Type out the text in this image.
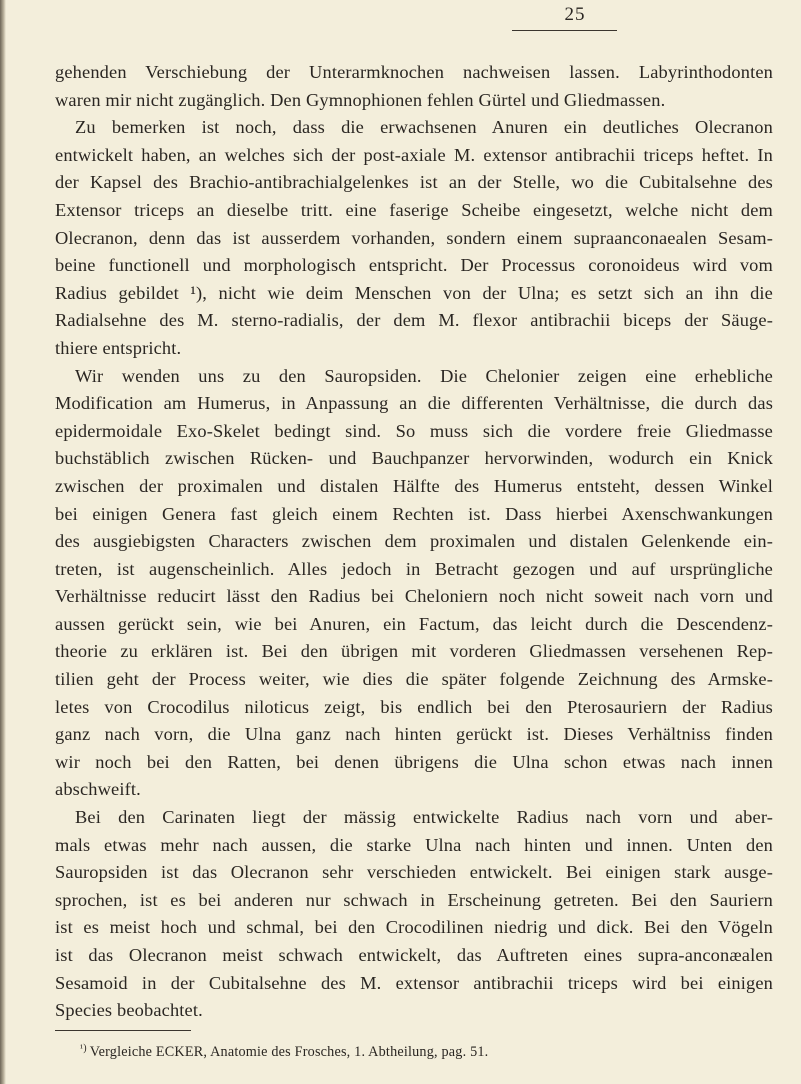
25
gehenden Verschiebung der Unterarmknochen nachweisen lassen. Labyrinthodonten
waren mir nicht zugänglich. Den Gymnophionen fehlen Gürtel und Gliedmassen.
Zu bemerken ist noch, dass die erwachsenen Anuren ein deutliches Olecranon
entwickelt haben, an welches sich der post-axiale M. extensor antibrachii triceps heftet. In
der Kapsel des Brachio-antibrachialgelenkes ist an der Stelle, wo die Cubitalsehne des
Extensor triceps an dieselbe tritt. eine faserige Scheibe eingesetzt, welche nicht dem
Olecranon, denn das ist ausserdem vorhanden, sondern einem supraanconaealen Sesam-
beine functionell und morphologisch entspricht. Der Processus coronoideus wird vom
Radius gebildet ¹), nicht wie deim Menschen von der Ulna; es setzt sich an ihn die
Radialsehne des M. sterno-radialis, der dem M. flexor antibrachii biceps der Säuge-
thiere entspricht.
Wir wenden uns zu den Sauropsiden. Die Chelonier zeigen eine erhebliche
Modification am Humerus, in Anpassung an die differenten Verhältnisse, die durch das
epidermoidale Exo-Skelet bedingt sind. So muss sich die vordere freie Gliedmasse
buchstäblich zwischen Rücken- und Bauchpanzer hervorwinden, wodurch ein Knick
zwischen der proximalen und distalen Hälfte des Humerus entsteht, dessen Winkel
bei einigen Genera fast gleich einem Rechten ist. Dass hierbei Axenschwankungen
des ausgiebigsten Characters zwischen dem proximalen und distalen Gelenkende ein-
treten, ist augenscheinlich. Alles jedoch in Betracht gezogen und auf ursprüngliche
Verhältnisse reducirt lässt den Radius bei Cheloniern noch nicht soweit nach vorn und
aussen gerückt sein, wie bei Anuren, ein Factum, das leicht durch die Descendenz-
theorie zu erklären ist. Bei den übrigen mit vorderen Gliedmassen versehenen Rep-
tilien geht der Process weiter, wie dies die später folgende Zeichnung des Armske-
letes von Crocodilus niloticus zeigt, bis endlich bei den Pterosauriern der Radius
ganz nach vorn, die Ulna ganz nach hinten gerückt ist. Dieses Verhältniss finden
wir noch bei den Ratten, bei denen übrigens die Ulna schon etwas nach innen
abschweift.
Bei den Carinaten liegt der mässig entwickelte Radius nach vorn und aber-
mals etwas mehr nach aussen, die starke Ulna nach hinten und innen. Unten den
Sauropsiden ist das Olecranon sehr verschieden entwickelt. Bei einigen stark ausge-
sprochen, ist es bei anderen nur schwach in Erscheinung getreten. Bei den Sauriern
ist es meist hoch und schmal, bei den Crocodilinen niedrig und dick. Bei den Vögeln
ist das Olecranon meist schwach entwickelt, das Auftreten eines supra-anconæalen
Sesamoid in der Cubitalsehne des M. extensor antibrachii triceps wird bei einigen
Species beobachtet.
$^{^1)}$ Vergleiche ECKER, Anatomie des Frosches, 1. Abtheilung, pag. 51.
